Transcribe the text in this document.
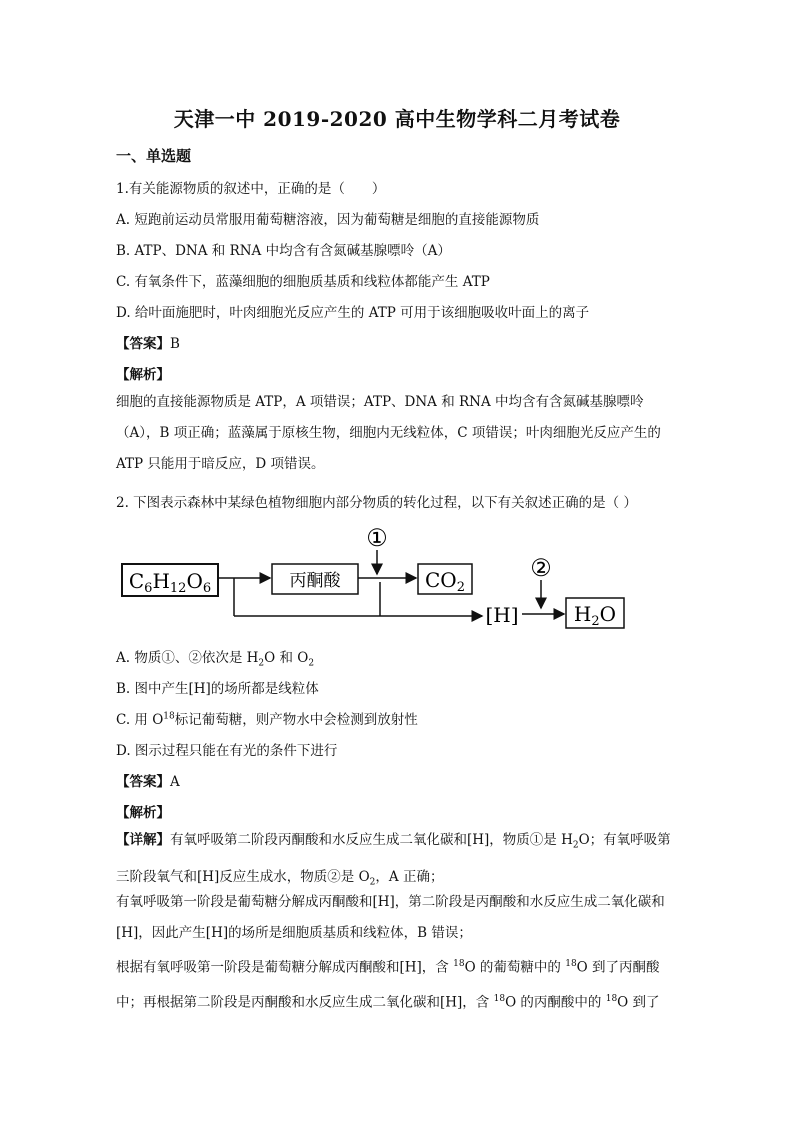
天津一中 2019-2020 高中生物学科二月考试卷
一、单选题
1.有关能源物质的叙述中，正确的是（　　）
A. 短跑前运动员常服用葡萄糖溶液，因为葡萄糖是细胞的直接能源物质
B. ATP、DNA 和 RNA 中均含有含氮碱基腺嘌呤（A）
C. 有氧条件下，蓝藻细胞的细胞质基质和线粒体都能产生 ATP
D. 给叶面施肥时，叶肉细胞光反应产生的 ATP 可用于该细胞吸收叶面上的离子
【答案】B
【解析】
细胞的直接能源物质是 ATP，A 项错误；ATP、DNA 和 RNA 中均含有含氮碱基腺嘌呤（A），B 项正确；蓝藻属于原核生物，细胞内无线粒体，C 项错误；叶肉细胞光反应产生的 ATP 只能用于暗反应，D 项错误。
2. 下图表示森林中某绿色植物细胞内部分物质的转化过程，以下有关叙述正确的是（ ）
$C_6H_{12}O_6$	丙酮酸
①
$CO_2$
[H]
②
$H_2O$
A. 物质①、②依次是 $H_2O$ 和 $O_2$
B. 图中产生[H]的场所都是线粒体
C. 用 $O^{18}$标记葡萄糖，则产物水中会检测到放射性
D. 图示过程只能在有光的条件下进行
【答案】A
【解析】
【详解】有氧呼吸第二阶段丙酮酸和水反应生成二氧化碳和[H]，物质①是 $H_2O$；有氧呼吸第三阶段氧气和[H]反应生成水，物质②是 $O_2$，A 正确；
有氧呼吸第一阶段是葡萄糖分解成丙酮酸和[H]，第二阶段是丙酮酸和水反应生成二氧化碳和[H]，因此产生[H]的场所是细胞质基质和线粒体，B 错误；
根据有氧呼吸第一阶段是葡萄糖分解成丙酮酸和[H]，含 $^{18}$O 的葡萄糖中的 $^{18}$O 到了丙酮酸中；再根据第二阶段是丙酮酸和水反应生成二氧化碳和[H]，含 $^{18}$O 的丙酮酸中的 $^{18}$O 到了
